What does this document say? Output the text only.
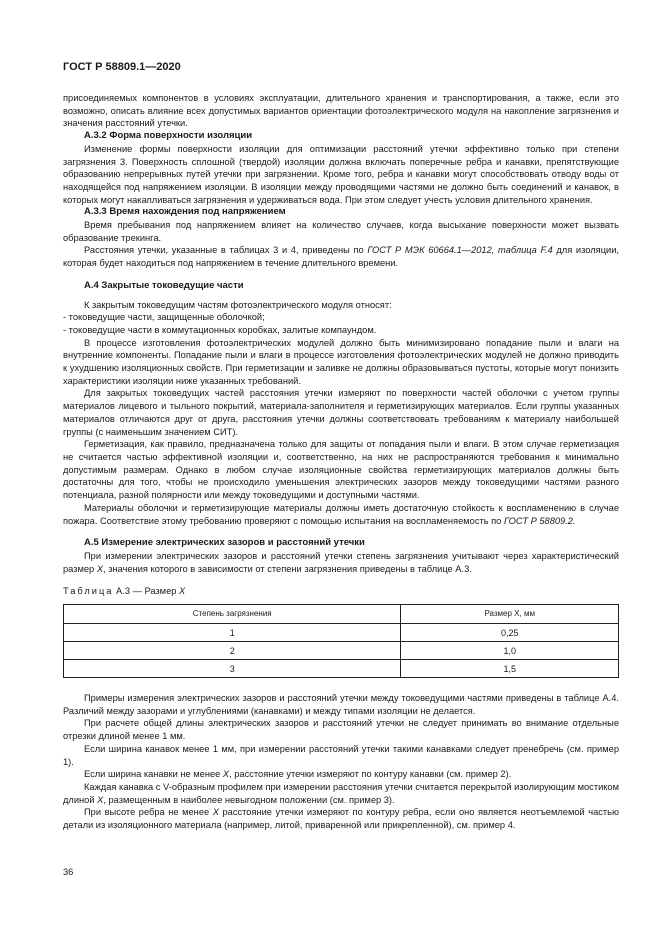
ГОСТ Р 58809.1—2020

присоединяемых компонентов в условиях эксплуатации, длительного хранения и транспортирования, а также, если это возможно, описать влияние всех допустимых вариантов ориентации фотоэлектрического модуля на накопление загрязнения и значения расстояний утечки.

А.3.2 Форма поверхности изоляции

Изменение формы поверхности изоляции для оптимизации расстояний утечки эффективно только при степени загрязнения 3. Поверхность сплошной (твердой) изоляции должна включать поперечные ребра и канавки, препятствующие образованию непрерывных путей утечки при загрязнении. Кроме того, ребра и канавки могут способствовать отводу воды от находящейся под напряжением изоляции. В изоляции между проводящими частями не должно быть соединений и канавок, в которых могут накапливаться загрязнения и удерживаться вода. При этом следует учесть условия длительного хранения.

А.3.3 Время нахождения под напряжением

Время пребывания под напряжением влияет на количество случаев, когда высыхание поверхности может вызвать образование трекинга.

Расстояния утечки, указанные в таблицах 3 и 4, приведены по ГОСТ Р МЭК 60664.1—2012, таблица F.4 для изоляции, которая будет находиться под напряжением в течение длительного времени.

А.4 Закрытые токоведущие части

К закрытым токоведущим частям фотоэлектрического модуля относят:

- токоведущие части, защищенные оболочкой;

- токоведущие части в коммутационных коробках, залитые компаундом.

В процессе изготовления фотоэлектрических модулей должно быть минимизировано попадание пыли и влаги на внутренние компоненты. Попадание пыли и влаги в процессе изготовления фотоэлектрических модулей не должно приводить к ухудшению изоляционных свойств. При герметизации и заливке не должны образовываться пустоты, которые могут понизить характеристики изоляции ниже указанных требований.

Для закрытых токоведущих частей расстояния утечки измеряют по поверхности частей оболочки с учетом группы материалов лицевого и тыльного покрытий, материала-заполнителя и герметизирующих материалов. Если группы указанных материалов отличаются друг от друга, расстояния утечки должны соответствовать требованиям к материалу наибольшей группы (с наименьшим значением СИТ).

Герметизация, как правило, предназначена только для защиты от попадания пыли и влаги. В этом случае герметизация не считается частью эффективной изоляции и, соответственно, на них не распространяются требования к минимально допустимым размерам. Однако в любом случае изоляционные свойства герметизирующих материалов должны быть достаточны для того, чтобы не происходило уменьшения электрических зазоров между токоведущими частями разного потенциала, разной полярности или между токоведущими и доступными частями.

Материалы оболочки и герметизирующие материалы должны иметь достаточную стойкость к воспламенению в случае пожара. Соответствие этому требованию проверяют с помощью испытания на воспламеняемость по ГОСТ Р 58809.2.

А.5 Измерение электрических зазоров и расстояний утечки

При измерении электрических зазоров и расстояний утечки степень загрязнения учитывают через характеристический размер X, значения которого в зависимости от степени загрязнения приведены в таблице А.3.

Таблица А.3 — Размер X
Степень загрязнения	Размер X, мм
1	0,25
2	1,0
3	1,5

Примеры измерения электрических зазоров и расстояний утечки между токоведущими частями приведены в таблице А.4. Различий между зазорами и углублениями (канавками) и между типами изоляции не делается.

При расчете общей длины электрических зазоров и расстояний утечки не следует принимать во внимание отдельные отрезки длиной менее 1 мм.

Если ширина канавок менее 1 мм, при измерении расстояний утечки такими канавками следует пренебречь (см. пример 1).

Если ширина канавки не менее X, расстояние утечки измеряют по контуру канавки (см. пример 2).

Каждая канавка с V-образным профилем при измерении расстояния утечки считается перекрытой изолирующим мостиком длиной X, размещенным в наиболее невыгодном положении (см. пример 3).

При высоте ребра не менее X расстояние утечки измеряют по контуру ребра, если оно является неотъемлемой частью детали из изоляционного материала (например, литой, приваренной или прикрепленной), см. пример 4.

36
